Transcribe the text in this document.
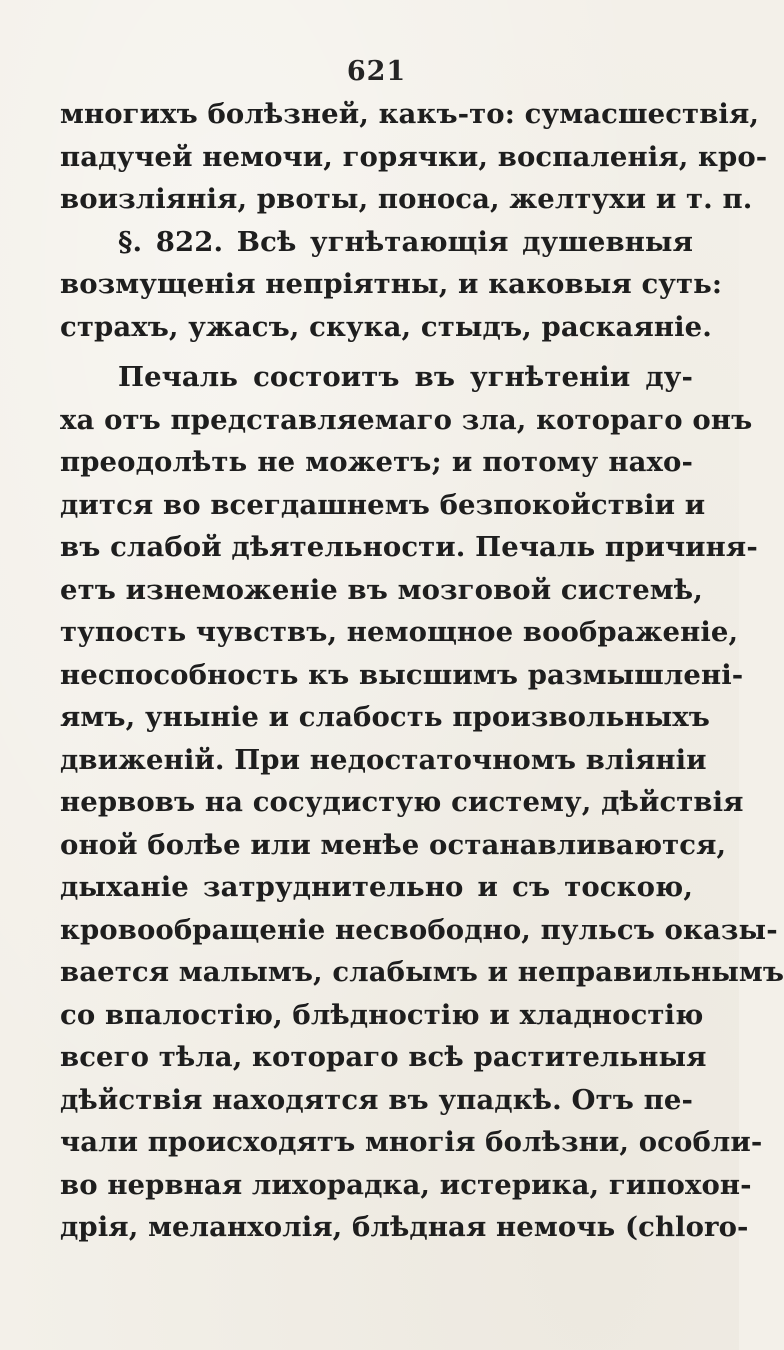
621
многихъ болѣзней, какъ-то: сумасшествія,
падучей немочи, горячки, воспаленія, кро-
воизліянія, рвоты, поноса, желтухи и т. п.
§. 822. Всѣ угнѣтающія душевныя
возмущенія непріятны, и каковыя суть:
страхъ, ужасъ, скука, стыдъ, раскаяніе.
Печаль состоитъ въ угнѣтеніи ду-
ха отъ представляемаго зла, котораго онъ
преодолѣть не можетъ; и потому нахо-
дится во всегдашнемъ безпокойствіи и
въ слабой дѣятельности. Печаль причиня-
етъ изнеможеніе въ мозговой системѣ,
тупость чувствъ, немощное воображеніе,
неспособность къ высшимъ размышлені-
ямъ, уныніе и слабость произвольныхъ
движеній. При недостаточномъ вліяніи
нервовъ на сосудистую систему, дѣйствія
оной болѣе или менѣе останавливаются,
дыханіе затруднительно и съ тоскою,
кровообращеніе несвободно, пульсъ оказы-
вается малымъ, слабымъ и неправильнымъ
со впалостію, блѣдностію и хладностію
всего тѣла, котораго всѣ растительныя
дѣйствія находятся въ упадкѣ. Отъ пе-
чали происходятъ многія болѣзни, особли-
во нервная лихорадка, истерика, гипохон-
дрія, меланхолія, блѣдная немочь (chloro-
